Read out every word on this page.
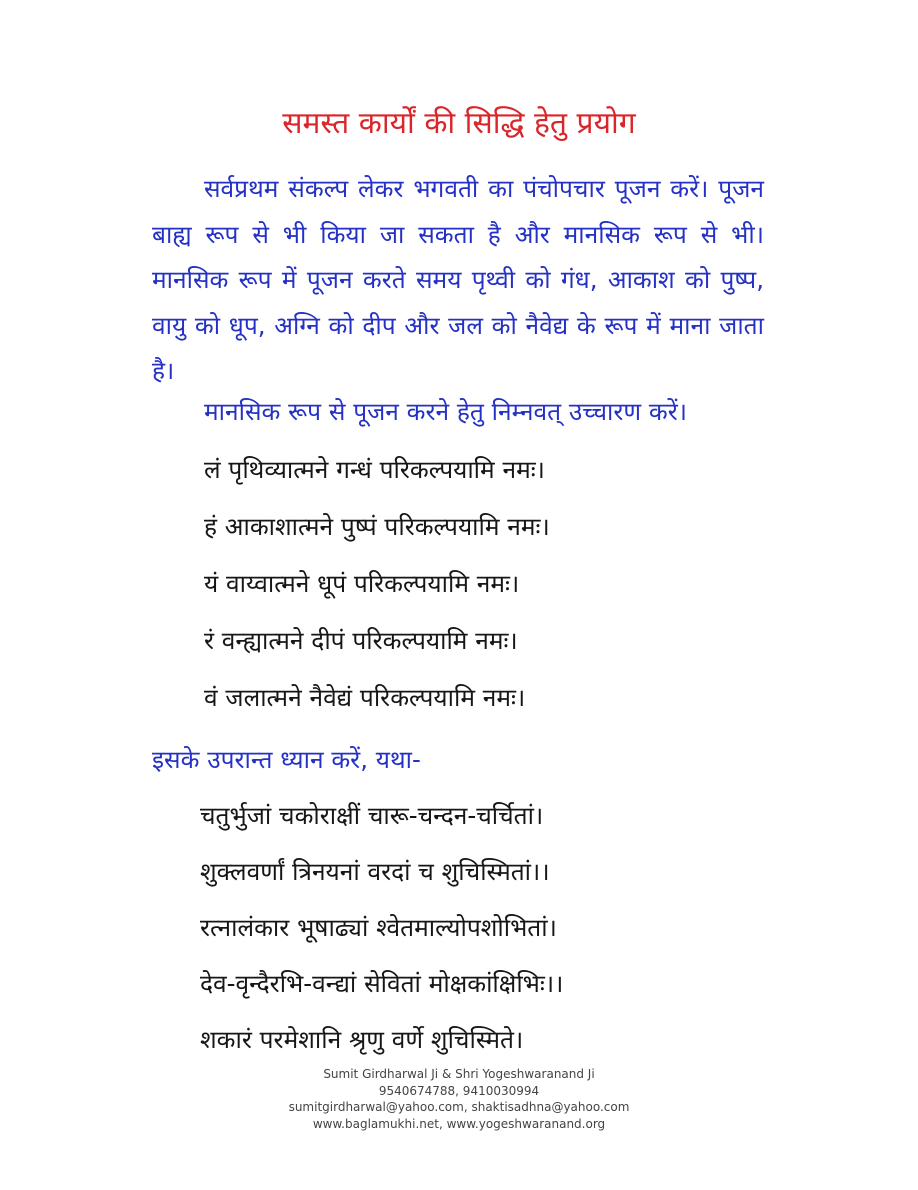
समस्त कार्यों की सिद्धि हेतु प्रयोग

सर्वप्रथम संकल्प लेकर भगवती का पंचोपचार पूजन करें। पूजन बाह्य रूप से भी किया जा सकता है और मानसिक रूप से भी। मानसिक रूप में पूजन करते समय पृथ्वी को गंध, आकाश को पुष्प, वायु को धूप, अग्नि को दीप और जल को नैवेद्य के रूप में माना जाता है।

मानसिक रूप से पूजन करने हेतु निम्नवत् उच्चारण करें।

लं पृथिव्यात्मने गन्धं परिकल्पयामि नमः।
हं आकाशात्मने पुष्पं परिकल्पयामि नमः।
यं वाय्वात्मने धूपं परिकल्पयामि नमः।
रं वन्ह्यात्मने दीपं परिकल्पयामि नमः।
वं जलात्मने नैवेद्यं परिकल्पयामि नमः।

इसके उपरान्त ध्यान करें, यथा-

चतुर्भुजां चकोराक्षीं चारू-चन्दन-चर्चितां।
शुक्लवर्णां त्रिनयनां वरदां च शुचिस्मितां।।
रत्नालंकार भूषाढ्यां श्वेतमाल्योपशोभितां।
देव-वृन्दैरभि-वन्द्यां सेवितां मोक्षकांक्षिभिः।।
शकारं परमेशानि श्रृणु वर्णे शुचिस्मिते।
Sumit Girdharwal Ji & Shri Yogeshwaranand Ji
9540674788, 9410030994
sumitgirdharwal@yahoo.com, shaktisadhna@yahoo.com
www.baglamukhi.net, www.yogeshwaranand.org
